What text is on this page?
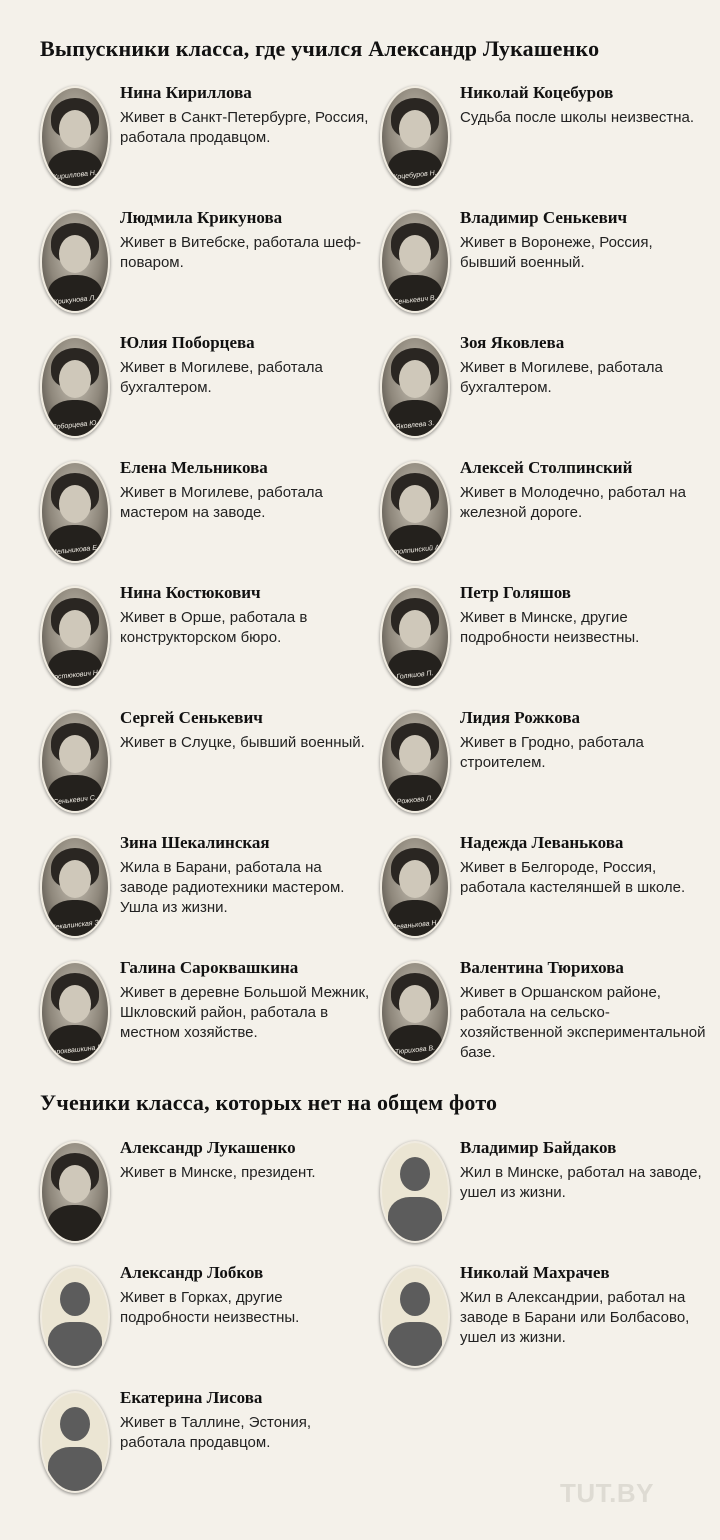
Выпускники класса, где учился Александр Лукашенко
Кириллова Н.
Нина Кириллова
Живет в Санкт-Петербурге, Россия, работала продавцом.
Коцебуров Н.
Николай Коцебуров
Судьба после школы неизвестна.
Крикунова Л.
Людмила Крикунова
Живет в Витебске, работала шеф-поваром.
Сенькевич В.
Владимир Сенькевич
Живет в Воронеже, Россия, бывший военный.
Поборцева Ю.
Юлия Поборцева
Живет в Могилеве, работала бухгалтером.
Яковлева З.
Зоя Яковлева
Живет в Могилеве, работала бухгалтером.
Мельникова Е.
Елена Мельникова
Живет в Могилеве, работала мастером на заводе.
Столпинский А.
Алексей Столпинский
Живет в Молодечно, работал на железной дороге.
Костюкович Н.
Нина Костюкович
Живет в Орше, работала в конструкторском бюро.
Голяшов П.
Петр Голяшов
Живет в Минске, другие подробности неизвестны.
Сенькевич С.
Сергей Сенькевич
Живет в Слуцке, бывший военный.
Рожкова Л.
Лидия Рожкова
Живет в Гродно, работала строителем.
Шекалинская З.
Зина Шекалинская
Жила в Барани, работала на заводе радиотехники мастером. Ушла из жизни.
Леванькова Н.
Надежда Леванькова
Живет в Белгороде, Россия, работала кастеляншей в школе.
Сароквашкина Г.
Галина Сароквашкина
Живет в деревне Большой Межник, Шкловский район, работала в местном хозяйстве.
Тюрихова В.
Валентина Тюрихова
Живет в Оршанском районе, работала на сельско-хозяйственной экспериментальной базе.
Ученики класса, которых нет на общем фото
Александр Лукашенко
Живет в Минске, президент.
Владимир Байдаков
Жил в Минске, работал на заводе, ушел из жизни.
Александр Лобков
Живет в Горках, другие подробности неизвестны.
Николай Махрачев
Жил в Александрии, работал на заводе в Барани или Болбасово, ушел из жизни.
Екатерина Лисова
Живет в Таллине, Эстония, работала продавцом.
TUT.BY
